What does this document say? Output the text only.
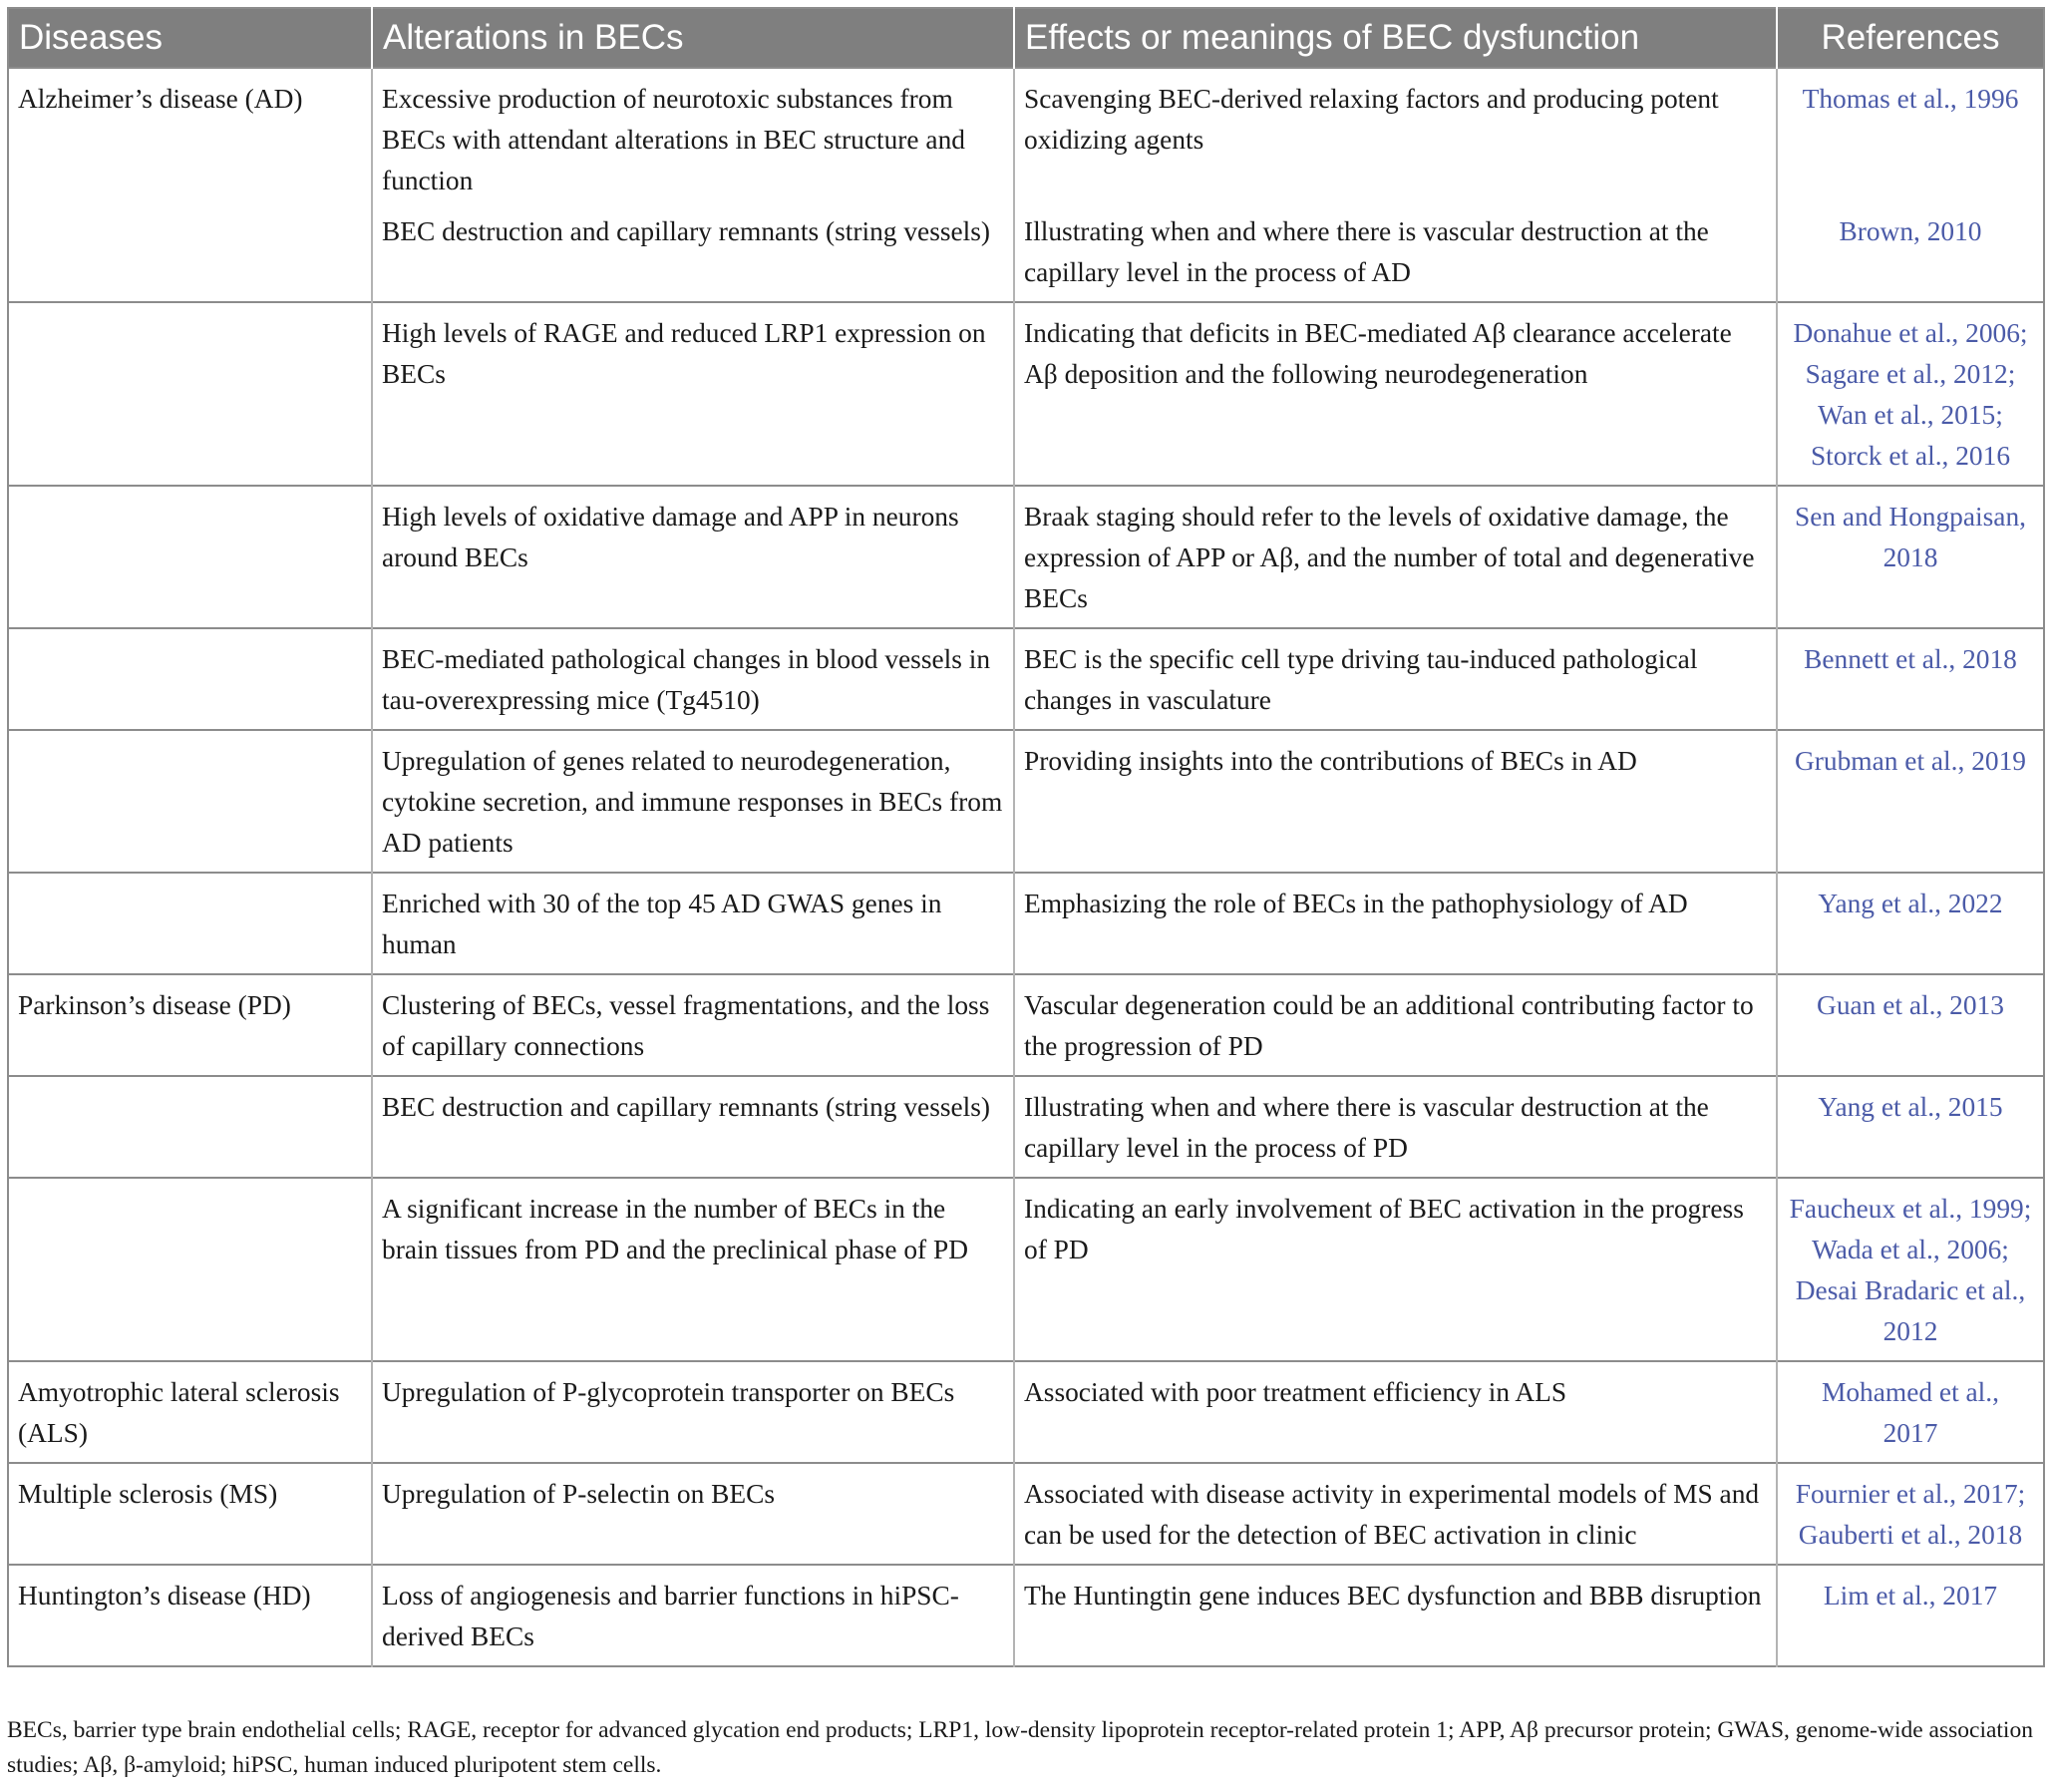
Diseases	Alterations in BECs	Effects or meanings of BEC dysfunction	References
Alzheimer’s disease (AD)	Excessive production of neurotoxic substances from BECs with attendant alterations in BEC structure and function	Scavenging BEC-derived relaxing factors and producing potent oxidizing agents	Thomas et al., 1996

	BEC destruction and capillary remnants (string vessels)	Illustrating when and where there is vascular destruction at the capillary level in the process of AD	Brown, 2010

	High levels of RAGE and reduced LRP1 expression on BECs	Indicating that deficits in BEC-mediated Aβ clearance accelerate Aβ deposition and the following neurodegeneration	Donahue et al., 2006;
Sagare et al., 2012;
Wan et al., 2015;
Storck et al., 2016

	High levels of oxidative damage and APP in neurons around BECs	Braak staging should refer to the levels of oxidative damage, the expression of APP or Aβ, and the number of total and degenerative BECs	Sen and Hongpaisan,
2018

	BEC-mediated pathological changes in blood vessels in tau-overexpressing mice (Tg4510)	BEC is the specific cell type driving tau-induced pathological changes in vasculature	Bennett et al., 2018

	Upregulation of genes related to neurodegeneration, cytokine secretion, and immune responses in BECs from AD patients	Providing insights into the contributions of BECs in AD	Grubman et al., 2019

	Enriched with 30 of the top 45 AD GWAS genes in human	Emphasizing the role of BECs in the pathophysiology of AD	Yang et al., 2022

Parkinson’s disease (PD)	Clustering of BECs, vessel fragmentations, and the loss of capillary connections	Vascular degeneration could be an additional contributing factor to the progression of PD	Guan et al., 2013

	BEC destruction and capillary remnants (string vessels)	Illustrating when and where there is vascular destruction at the capillary level in the process of PD	Yang et al., 2015

	A significant increase in the number of BECs in the brain tissues from PD and the preclinical phase of PD	Indicating an early involvement of BEC activation in the progress of PD	Faucheux et al., 1999;
Wada et al., 2006;
Desai Bradaric et al.,
2012

Amyotrophic lateral sclerosis (ALS)	Upregulation of P-glycoprotein transporter on BECs	Associated with poor treatment efficiency in ALS	Mohamed et al.,
2017

Multiple sclerosis (MS)	Upregulation of P-selectin on BECs	Associated with disease activity in experimental models of MS and can be used for the detection of BEC activation in clinic	Fournier et al., 2017;
Gauberti et al., 2018

Huntington’s disease (HD)	Loss of angiogenesis and barrier functions in hiPSC-derived BECs	The Huntingtin gene induces BEC dysfunction and BBB disruption	Lim et al., 2017
BECs, barrier type brain endothelial cells; RAGE, receptor for advanced glycation end products; LRP1, low-density lipoprotein receptor-related protein 1; APP, Aβ precursor protein; GWAS, genome-wide association studies; Aβ, β-amyloid; hiPSC, human induced pluripotent stem cells.
